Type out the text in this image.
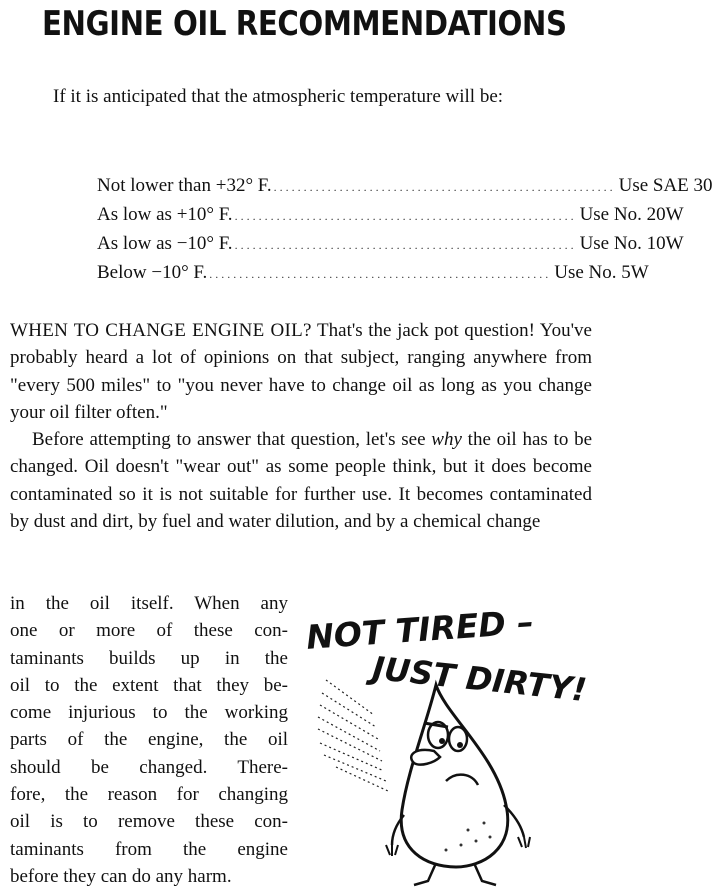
ENGINE OIL RECOMMENDATIONS
If it is anticipated that the atmospheric temperature will be:
Not lower than +32° F. ......................................................... Use SAE 30
As low as +10° F. ......................................................... Use No. 20W
As low as −10° F. ......................................................... Use No. 10W
Below −10° F. ......................................................... Use No. 5W

WHEN TO CHANGE ENGINE OIL? That's the jack pot question! You've probably heard a lot of opinions on that subject, ranging anywhere from "every 500 miles" to "you never have to change oil as long as you change your oil filter often."

Before attempting to answer that question, let's see why the oil has to be changed. Oil doesn't "wear out" as some people think, but it does become contaminated so it is not suitable for further use. It becomes contaminated by dust and dirt, by fuel and water dilution, and by a chemical change

in the oil itself. When any
one or more of these con-
taminants builds up in the
oil to the extent that they be-
come injurious to the working
parts of the engine, the oil
should be changed. There-
fore, the reason for changing
oil is to remove these con-
taminants from the engine
before they can do any harm.
NOT TIRED –
JUST DIRTY!
